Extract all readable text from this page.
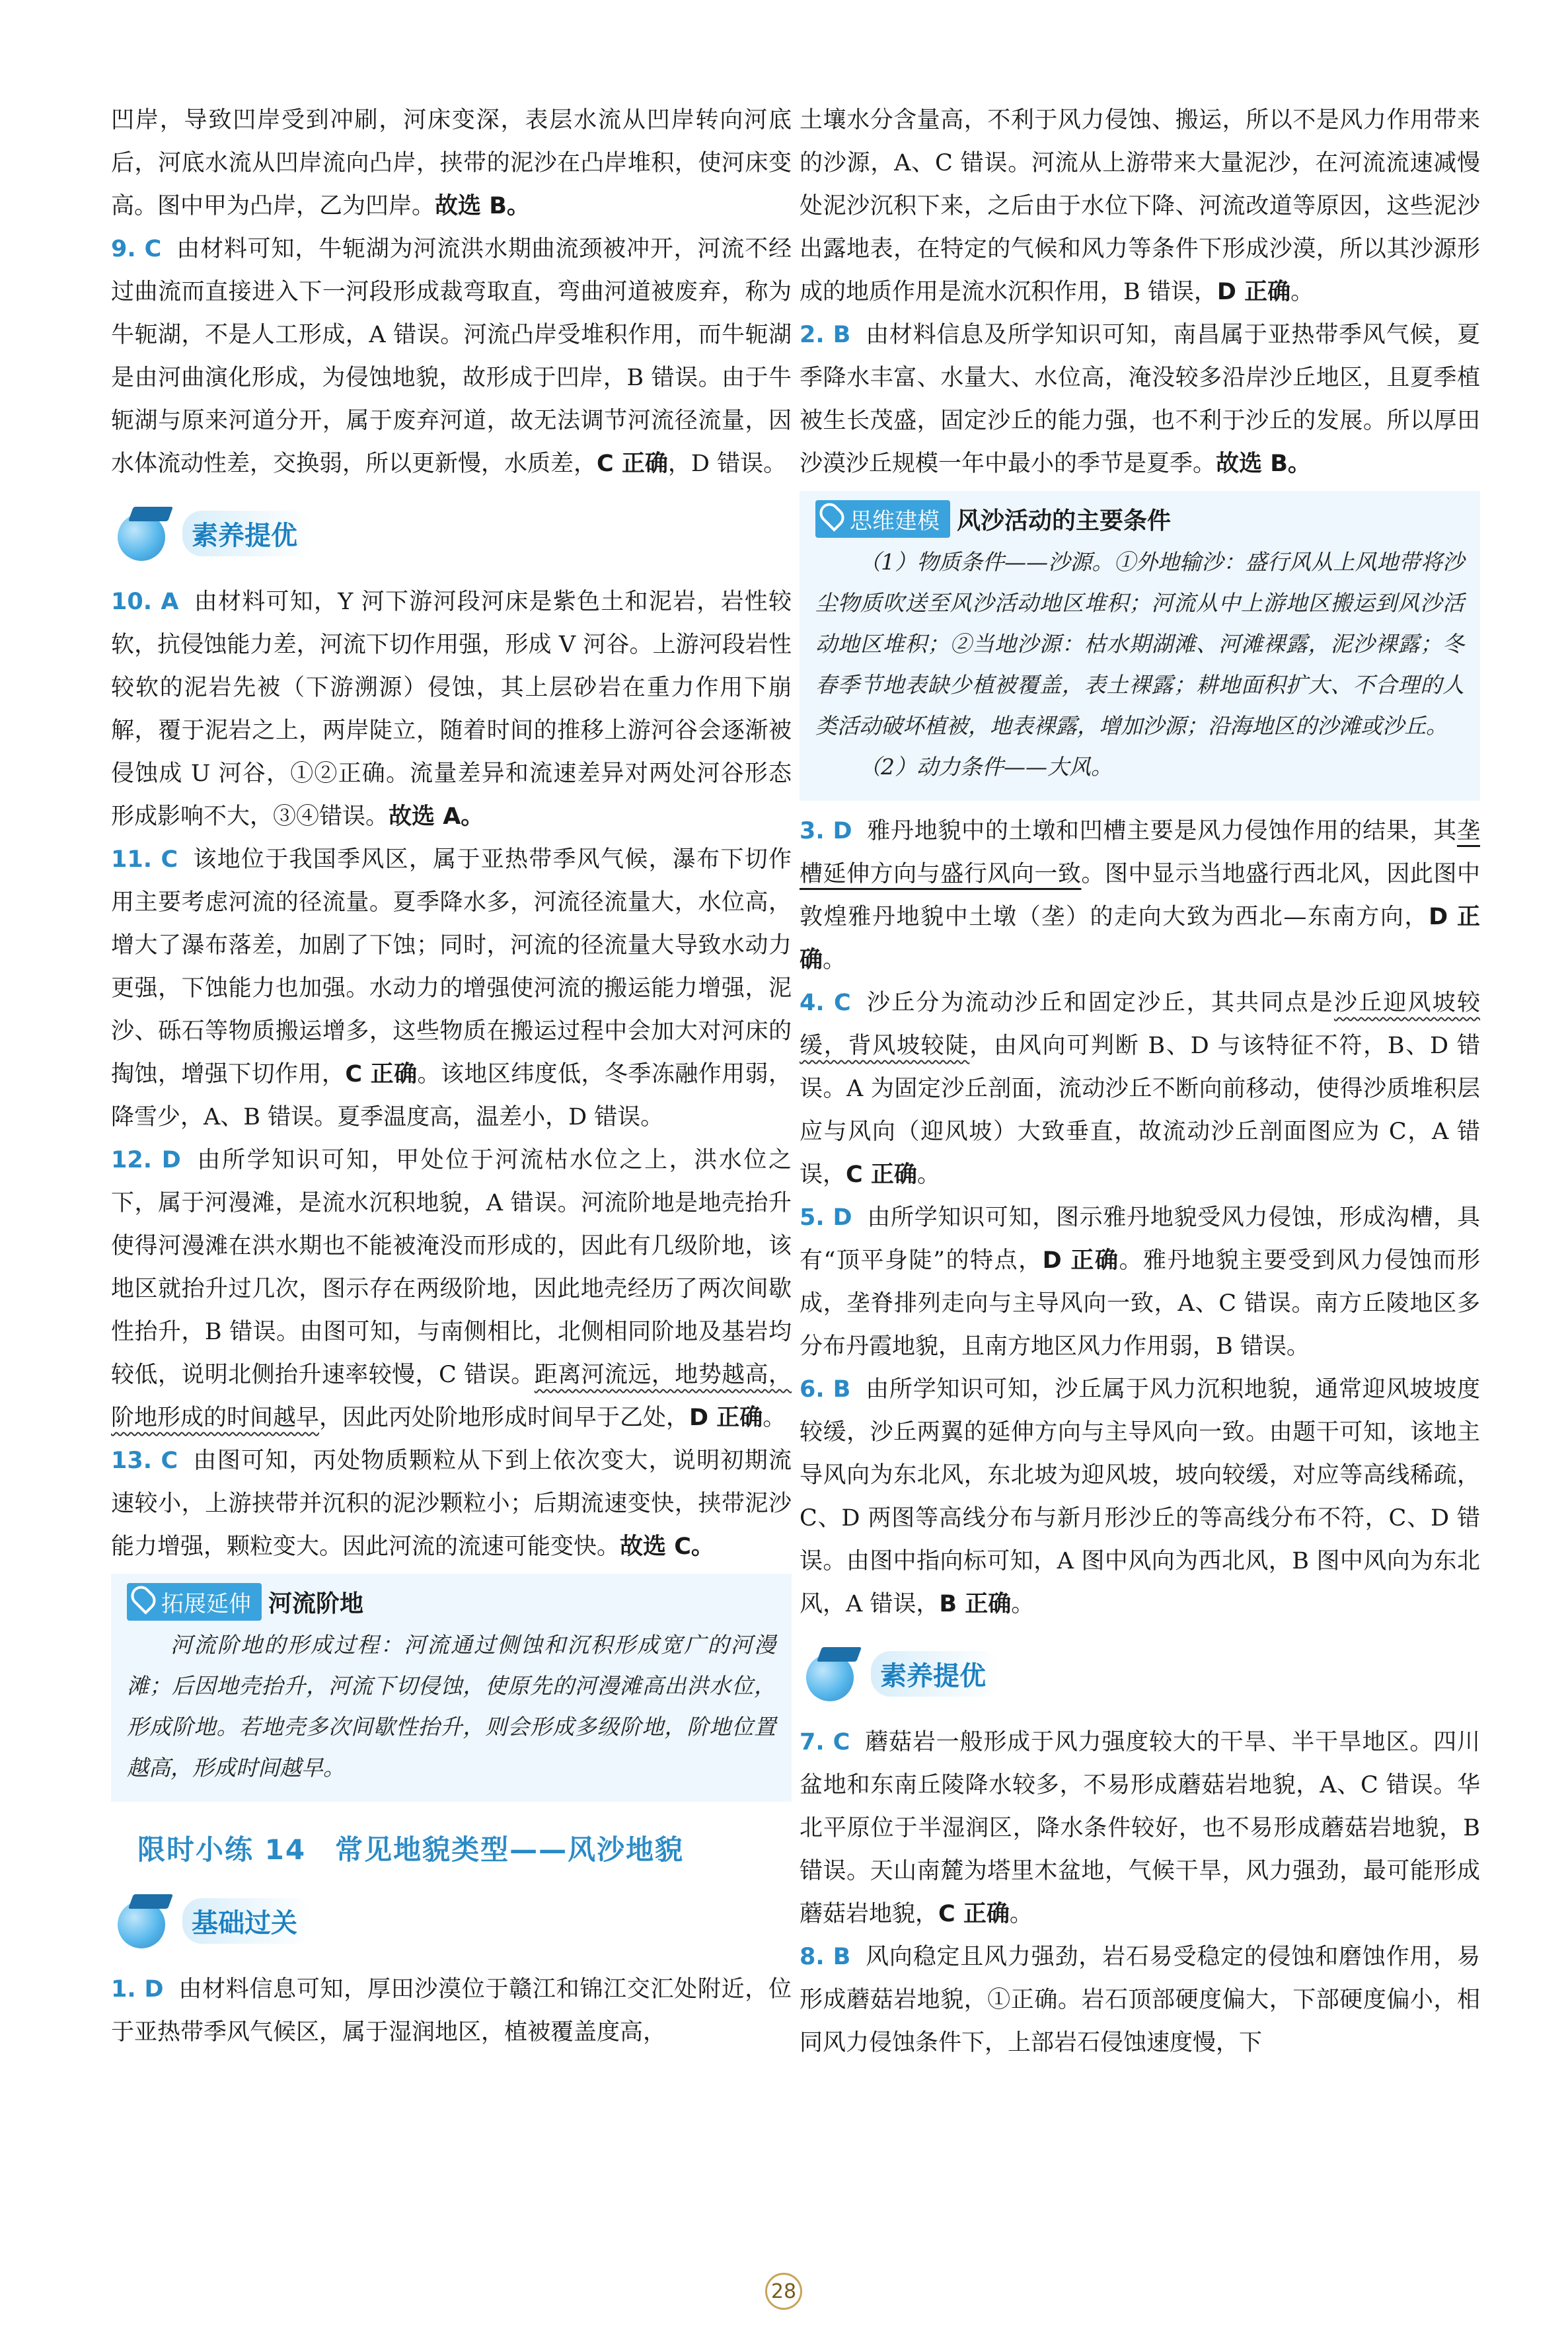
凹岸，导致凹岸受到冲刷，河床变深，表层水流从凹岸转向河底后，河底水流从凹岸流向凸岸，挟带的泥沙在凸岸堆积，使河床变高。图中甲为凸岸，乙为凹岸。故选 B。

9. C 由材料可知，牛轭湖为河流洪水期曲流颈被冲开，河流不经过曲流而直接进入下一河段形成裁弯取直，弯曲河道被废弃，称为牛轭湖，不是人工形成，A 错误。河流凸岸受堆积作用，而牛轭湖是由河曲演化形成，为侵蚀地貌，故形成于凹岸，B 错误。由于牛轭湖与原来河道分开，属于废弃河道，故无法调节河流径流量，因水体流动性差，交换弱，所以更新慢，水质差，C 正确，D 错误。

素养提优

10. A 由材料可知，Y 河下游河段河床是紫色土和泥岩，岩性较软，抗侵蚀能力差，河流下切作用强，形成 V 河谷。上游河段岩性较软的泥岩先被（下游溯源）侵蚀，其上层砂岩在重力作用下崩解，覆于泥岩之上，两岸陡立，随着时间的推移上游河谷会逐渐被侵蚀成 U 河谷，①②正确。流量差异和流速差异对两处河谷形态形成影响不大，③④错误。故选 A。

11. C 该地位于我国季风区，属于亚热带季风气候，瀑布下切作用主要考虑河流的径流量。夏季降水多，河流径流量大，水位高，增大了瀑布落差，加剧了下蚀；同时，河流的径流量大导致水动力更强，下蚀能力也加强。水动力的增强使河流的搬运能力增强，泥沙、砾石等物质搬运增多，这些物质在搬运过程中会加大对河床的掏蚀，增强下切作用，C 正确。该地区纬度低，冬季冻融作用弱，降雪少，A、B 错误。夏季温度高，温差小，D 错误。

12. D 由所学知识可知，甲处位于河流枯水位之上，洪水位之下，属于河漫滩，是流水沉积地貌，A 错误。河流阶地是地壳抬升使得河漫滩在洪水期也不能被淹没而形成的，因此有几级阶地，该地区就抬升过几次，图示存在两级阶地，因此地壳经历了两次间歇性抬升，B 错误。由图可知，与南侧相比，北侧相同阶地及基岩均较低，说明北侧抬升速率较慢，C 错误。距离河流远，地势越高，阶地形成的时间越早，因此丙处阶地形成时间早于乙处，D 正确。

13. C 由图可知，丙处物质颗粒从下到上依次变大，说明初期流速较小，上游挟带并沉积的泥沙颗粒小；后期流速变快，挟带泥沙能力增强，颗粒变大。因此河流的流速可能变快。故选 C。

拓展延伸 河流阶地

河流阶地的形成过程：河流通过侧蚀和沉积形成宽广的河漫滩；后因地壳抬升，河流下切侵蚀，使原先的河漫滩高出洪水位，形成阶地。若地壳多次间歇性抬升，则会形成多级阶地，阶地位置越高，形成时间越早。

限时小练 14　常见地貌类型——风沙地貌
基础过关

1. D 由材料信息可知，厚田沙漠位于赣江和锦江交汇处附近，位于亚热带季风气候区，属于湿润地区，植被覆盖度高，

土壤水分含量高，不利于风力侵蚀、搬运，所以不是风力作用带来的沙源，A、C 错误。河流从上游带来大量泥沙，在河流流速减慢处泥沙沉积下来，之后由于水位下降、河流改道等原因，这些泥沙出露地表，在特定的气候和风力等条件下形成沙漠，所以其沙源形成的地质作用是流水沉积作用，B 错误，D 正确。

2. B 由材料信息及所学知识可知，南昌属于亚热带季风气候，夏季降水丰富、水量大、水位高，淹没较多沿岸沙丘地区，且夏季植被生长茂盛，固定沙丘的能力强，也不利于沙丘的发展。所以厚田沙漠沙丘规模一年中最小的季节是夏季。故选 B。

思维建模 风沙活动的主要条件

（1）物质条件——沙源。①外地输沙：盛行风从上风地带将沙尘物质吹送至风沙活动地区堆积；河流从中上游地区搬运到风沙活动地区堆积；②当地沙源：枯水期湖滩、河滩裸露，泥沙裸露；冬春季节地表缺少植被覆盖，表土裸露；耕地面积扩大、不合理的人类活动破坏植被，地表裸露，增加沙源；沿海地区的沙滩或沙丘。

（2）动力条件——大风。

3. D 雅丹地貌中的土墩和凹槽主要是风力侵蚀作用的结果，其垄槽延伸方向与盛行风向一致。图中显示当地盛行西北风，因此图中敦煌雅丹地貌中土墩（垄）的走向大致为西北—东南方向，D 正确。

4. C 沙丘分为流动沙丘和固定沙丘，其共同点是沙丘迎风坡较缓，背风坡较陡，由风向可判断 B、D 与该特征不符，B、D 错误。A 为固定沙丘剖面，流动沙丘不断向前移动，使得沙质堆积层应与风向（迎风坡）大致垂直，故流动沙丘剖面图应为 C，A 错误，C 正确。

5. D 由所学知识可知，图示雅丹地貌受风力侵蚀，形成沟槽，具有“顶平身陡”的特点，D 正确。雅丹地貌主要受到风力侵蚀而形成，垄脊排列走向与主导风向一致，A、C 错误。南方丘陵地区多分布丹霞地貌，且南方地区风力作用弱，B 错误。

6. B 由所学知识可知，沙丘属于风力沉积地貌，通常迎风坡坡度较缓，沙丘两翼的延伸方向与主导风向一致。由题干可知，该地主导风向为东北风，东北坡为迎风坡，坡向较缓，对应等高线稀疏，C、D 两图等高线分布与新月形沙丘的等高线分布不符，C、D 错误。由图中指向标可知，A 图中风向为西北风，B 图中风向为东北风，A 错误，B 正确。

素养提优

7. C 蘑菇岩一般形成于风力强度较大的干旱、半干旱地区。四川盆地和东南丘陵降水较多，不易形成蘑菇岩地貌，A、C 错误。华北平原位于半湿润区，降水条件较好，也不易形成蘑菇岩地貌，B 错误。天山南麓为塔里木盆地，气候干旱，风力强劲，最可能形成蘑菇岩地貌，C 正确。

8. B 风向稳定且风力强劲，岩石易受稳定的侵蚀和磨蚀作用，易形成蘑菇岩地貌，①正确。岩石顶部硬度偏大，下部硬度偏小，相同风力侵蚀条件下，上部岩石侵蚀速度慢，下

28
